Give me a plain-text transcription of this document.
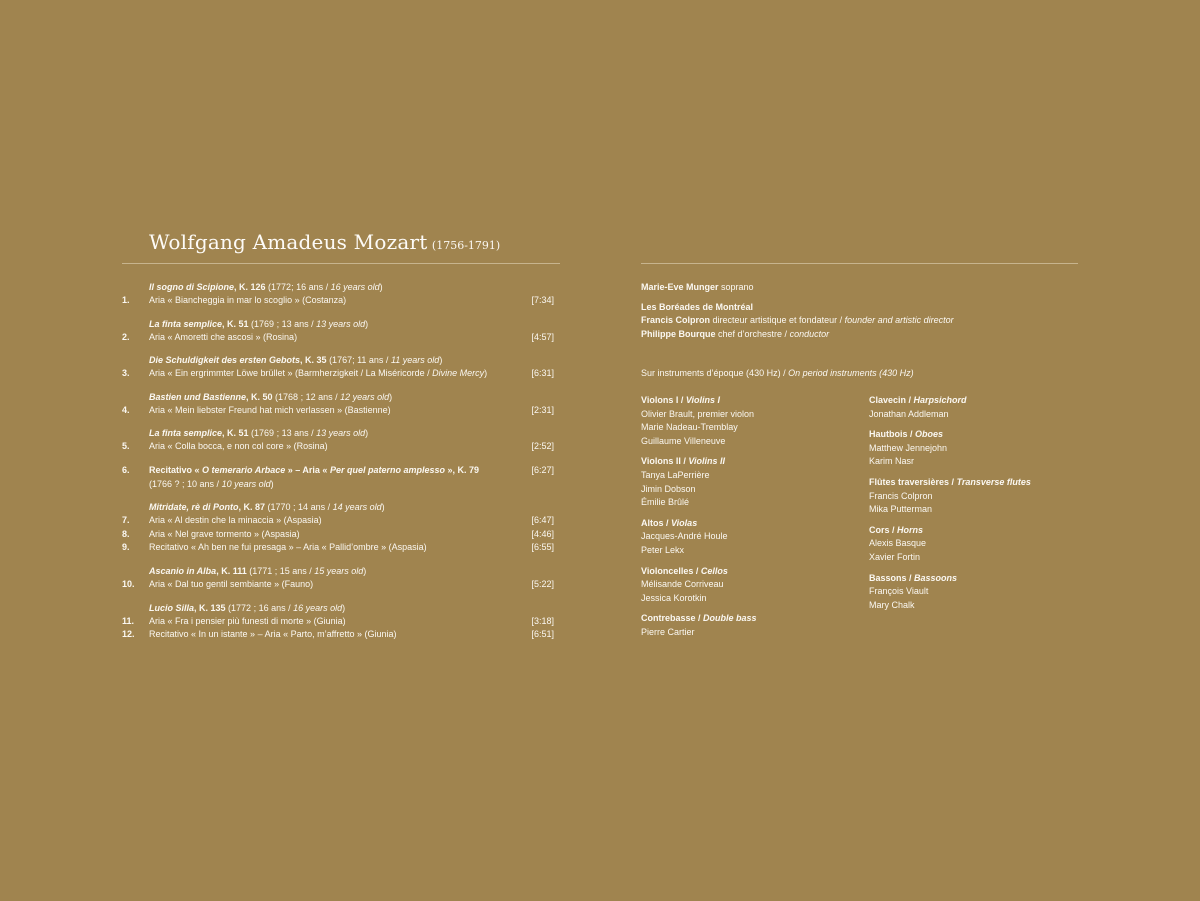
Wolfgang Amadeus Mozart (1756-1791)
Il sogno di Scipione, K. 126 (1772; 16 ans / 16 years old)
1. Aria « Biancheggia in mar lo scoglio » (Costanza)	[7:34]
La finta semplice, K. 51 (1769 ; 13 ans / 13 years old)
2. Aria « Amoretti che ascosi » (Rosina)	[4:57]
Die Schuldigkeit des ersten Gebots, K. 35 (1767; 11 ans / 11 years old)
3. Aria « Ein ergrimmter Löwe brüllet » (Barmherzigkeit / La Miséricorde / Divine Mercy)	[6:31]
Bastien und Bastienne, K. 50 (1768 ; 12 ans / 12 years old)
4. Aria « Mein liebster Freund hat mich verlassen » (Bastienne)	[2:31]
La finta semplice, K. 51 (1769 ; 13 ans / 13 years old)
5. Aria « Colla bocca, e non col core » (Rosina)	[2:52]
6. Recitativo « O temerario Arbace » – Aria « Per quel paterno amplesso », K. 79	[6:27]
(1766 ? ; 10 ans / 10 years old)
Mitridate, rè di Ponto, K. 87 (1770 ; 14 ans / 14 years old)
7. Aria « Al destin che la minaccia » (Aspasia)	[6:47]
8. Aria « Nel grave tormento » (Aspasia)	[4:46]
9. Recitativo « Ah ben ne fui presaga » – Aria « Pallid’ombre » (Aspasia)	[6:55]
Ascanio in Alba, K. 111 (1771 ; 15 ans / 15 years old)
10. Aria « Dal tuo gentil sembiante » (Fauno)	[5:22]
Lucio Silla, K. 135 (1772 ; 16 ans / 16 years old)
11. Aria « Fra i pensier più funesti di morte » (Giunia)	[3:18]
12. Recitativo « In un istante » – Aria « Parto, m’affretto » (Giunia)	[6:51]
Marie-Eve Munger soprano
Les Boréades de Montréal
Francis Colpron directeur artistique et fondateur / founder and artistic director
Philippe Bourque chef d’orchestre / conductor
Sur instruments d’époque (430 Hz) / On period instruments (430 Hz)
Violons I / Violins I
Olivier Brault, premier violon
Marie Nadeau-Tremblay
Guillaume Villeneuve
Violons II / Violins II
Tanya LaPerrière
Jimin Dobson
Émilie Brûlé
Altos / Violas
Jacques-André Houle
Peter Lekx
Violoncelles / Cellos
Mélisande Corriveau
Jessica Korotkin
Contrebasse / Double bass
Pierre Cartier
Clavecin / Harpsichord
Jonathan Addleman
Hautbois / Oboes
Matthew Jennejohn
Karim Nasr
Flûtes traversières / Transverse flutes
Francis Colpron
Mika Putterman
Cors / Horns
Alexis Basque
Xavier Fortin
Bassons / Bassoons
François Viault
Mary Chalk
